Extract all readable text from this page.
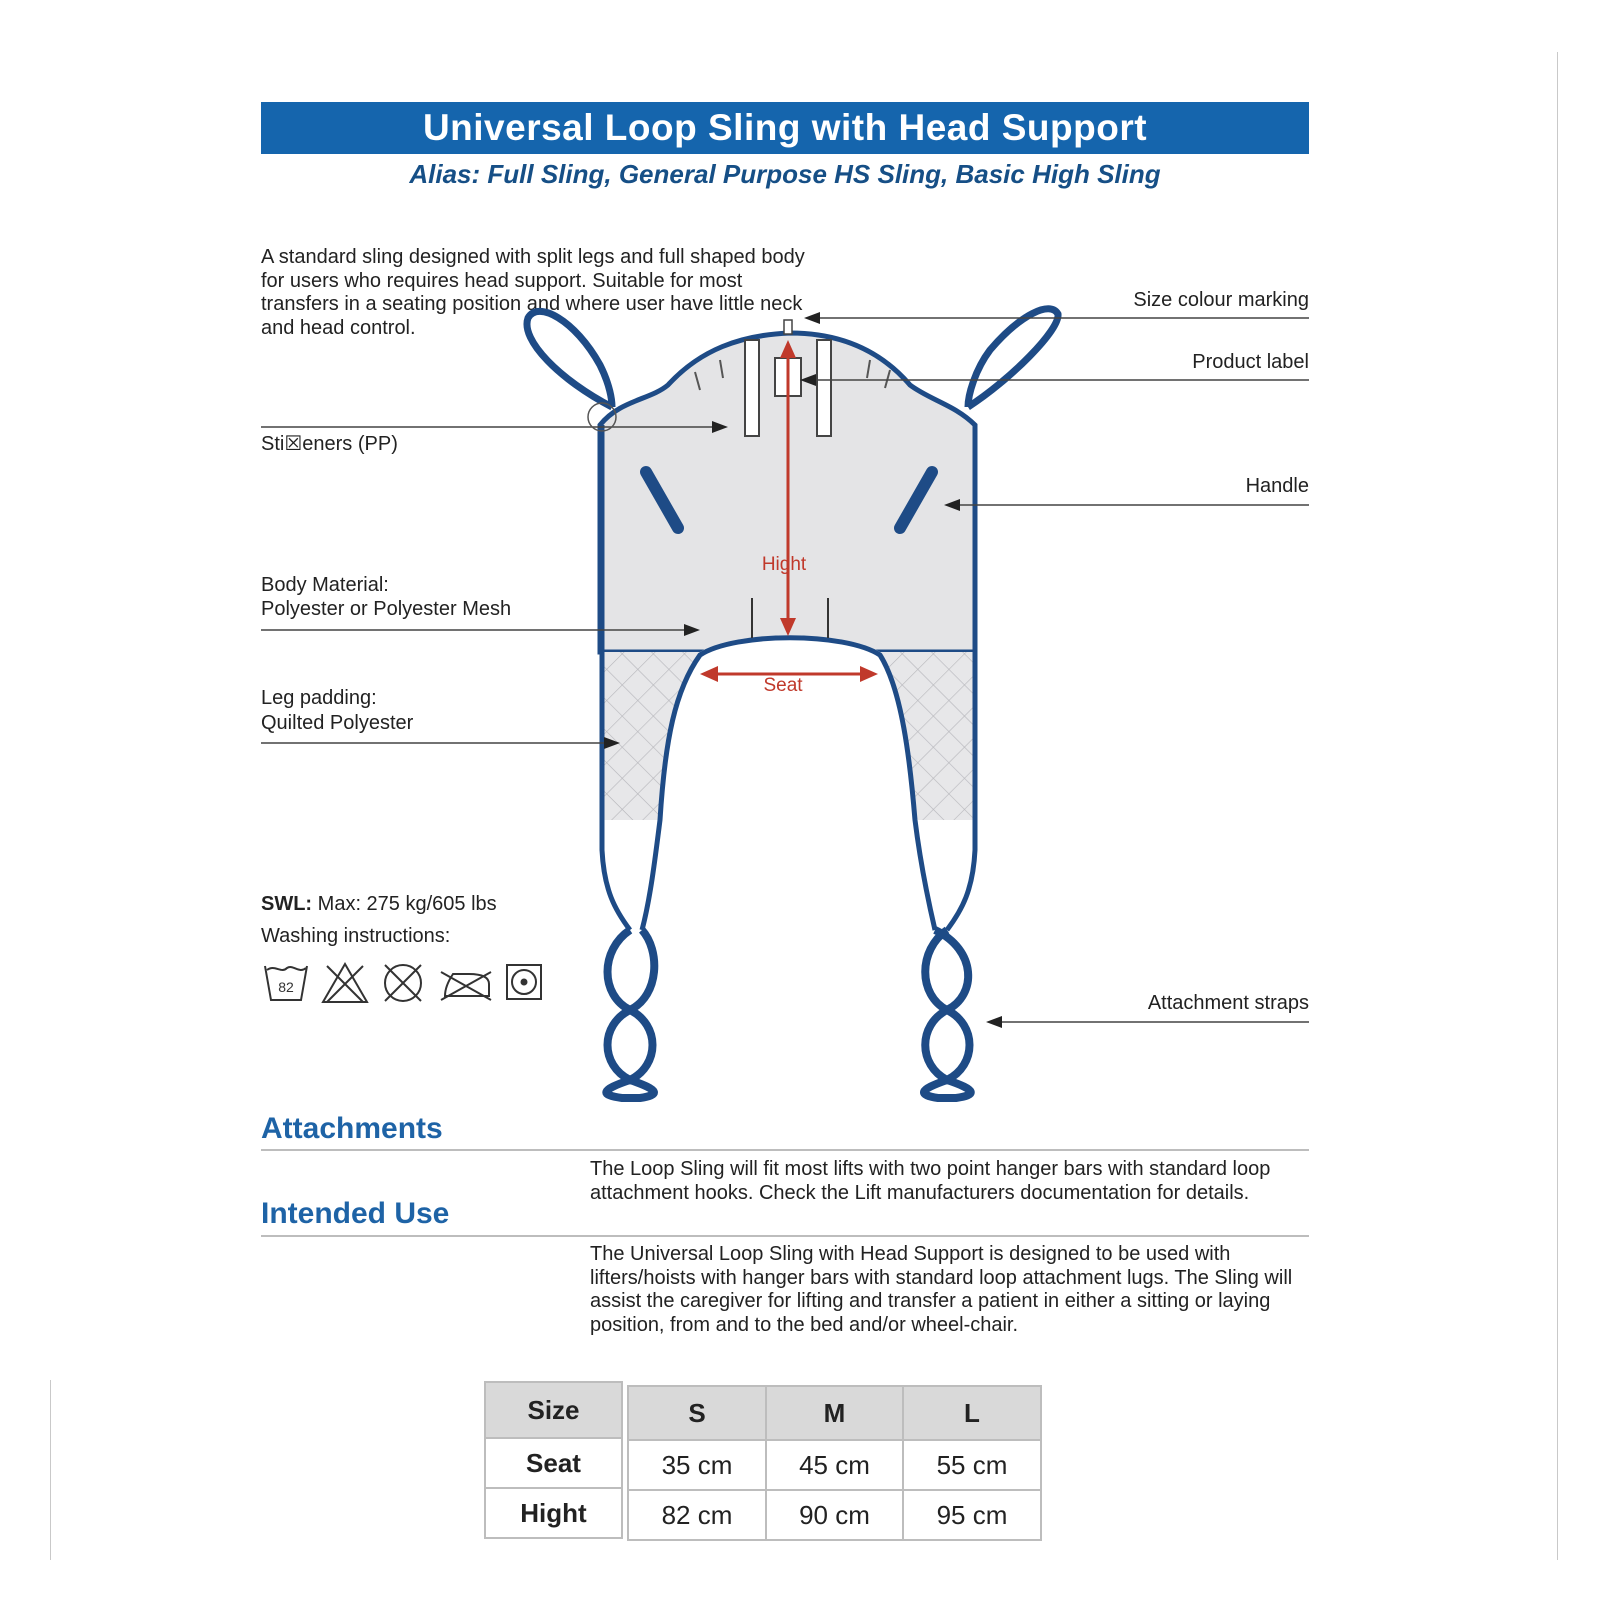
Universal Loop Sling with Head Support
Alias: Full Sling, General Purpose HS Sling, Basic High Sling
A standard sling designed with split legs and full shaped body for users who requires head support. Suitable for most transfers in a seating position and where user have little neck and head control.
Hight
Seat
Sti☒eners (PP)
Body Material:
Polyester or Polyester Mesh
Leg padding:
Quilted Polyester
Size colour marking
Product label
Handle
Attachment straps
SWL: Max: 275 kg/605 lbs
Washing instructions:
82
Attachments
The Loop Sling will fit most lifts with two point hanger bars with standard loop attachment hooks. Check the Lift manufacturers documentation for details.
Intended Use
The Universal Loop Sling with Head Support is designed to be used with lifters/hoists with hanger bars with standard loop attachment lugs. The Sling will assist the caregiver for lifting and transfer a patient in either a sitting or laying position, from and to the bed and/or wheel-chair.
Size	S	M	L
Seat	35 cm	45 cm	55 cm
Hight	82 cm	90 cm	95 cm
